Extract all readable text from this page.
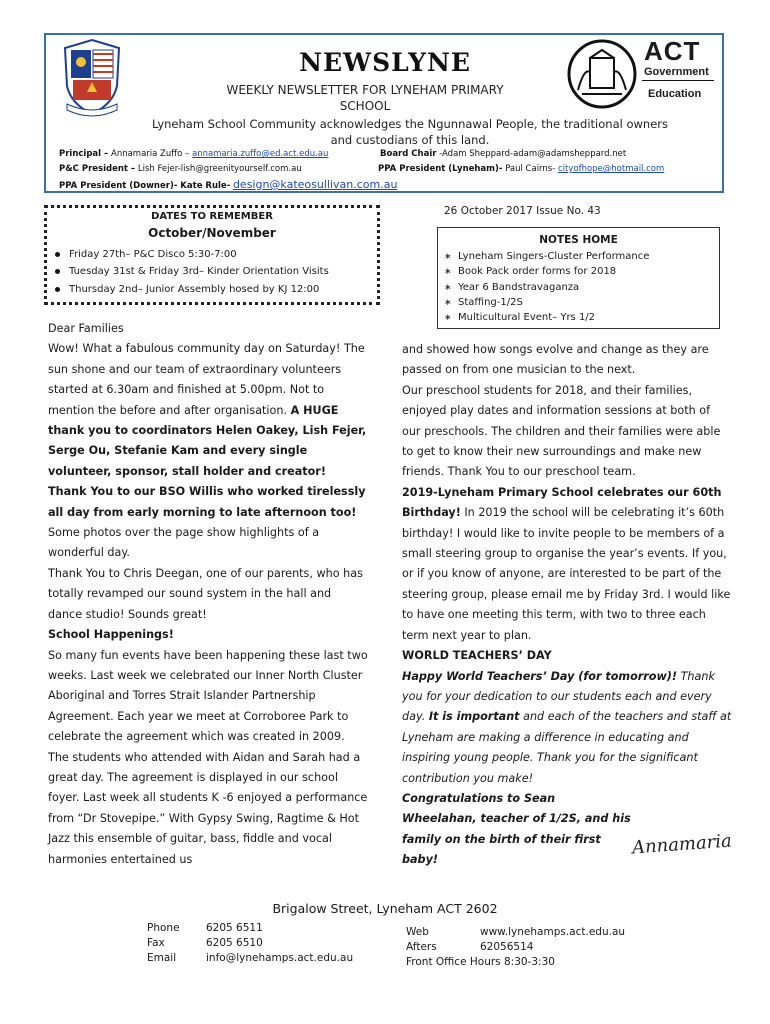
NEWSLYNE
WEEKLY NEWSLETTER FOR LYNEHAM PRIMARY SCHOOL
ACT
Government
Education
Lyneham School Community acknowledges the Ngunnawal People, the traditional owners and custodians of this land.
Principal – Annamaria Zuffo – annamaria.zuffo@ed.act.edu.au	Board Chair -Adam Sheppard-adam@adamsheppard.net
P&C President – Lish Fejer-lish@greenityourself.com.au	PPA President (Lyneham)- Paul Cairns- cityofhope@hotmail.com
PPA President (Downer)- Kate Rule- design@kateosullivan.com.au
DATES TO REMEMBER
October/November
Friday 27th– P&C Disco 5:30-7:00
Tuesday 31st & Friday 3rd– Kinder Orientation Visits
Thursday 2nd– Junior Assembly hosed by KJ 12:00
26 October 2017 Issue No. 43
NOTES HOME
∗ Lyneham Singers-Cluster Performance
∗ Book Pack order forms for 2018
∗ Year 6 Bandstravaganza
∗ Staffing-1/2S
∗ Multicultural Event– Yrs 1/2

Dear Families

Wow! What a fabulous community day on Saturday! The sun shone and our team of extraordinary volunteers started at 6.30am and finished at 5.00pm. Not to mention the before and after organisation. A HUGE thank you to coordinators Helen Oakey, Lish Fejer, Serge Ou, Stefanie Kam and every single volunteer, sponsor, stall holder and creator! Thank You to our BSO Willis who worked tirelessly all day from early morning to late afternoon too! Some photos over the page show highlights of a wonderful day.

Thank You to Chris Deegan, one of our parents, who has totally revamped our sound system in the hall and dance studio! Sounds great!

School Happenings!

So many fun events have been happening these last two weeks. Last week we celebrated our Inner North Cluster Aboriginal and Torres Strait Islander Partnership Agreement. Each year we meet at Corroboree Park to celebrate the agreement which was created in 2009. The students who attended with Aidan and Sarah had a great day. The agreement is displayed in our school foyer. Last week all students K -6 enjoyed a performance from “Dr Stovepipe.” With Gypsy Swing, Ragtime & Hot Jazz this ensemble of guitar, bass, fiddle and vocal harmonies entertained us

and showed how songs evolve and change as they are passed on from one musician to the next.

Our preschool students for 2018, and their families, enjoyed play dates and information sessions at both of our preschools. The children and their families were able to get to know their new surroundings and make new friends. Thank You to our preschool team.

2019-Lyneham Primary School celebrates our 60th Birthday! In 2019 the school will be celebrating it’s 60th birthday! I would like to invite people to be members of a small steering group to organise the year’s events. If you, or if you know of anyone, are interested to be part of the steering group, please email me by Friday 3rd. I would like to have one meeting this term, with two to three each term next year to plan.

WORLD TEACHERS’ DAY

Happy World Teachers’ Day (for tomorrow)! Thank you for your dedication to our students each and every day. It is important and each of the teachers and staff at Lyneham are making a difference in educating and inspiring young people. Thank you for the significant contribution you make!

Congratulations to Sean Wheelahan, teacher of 1/2S, and his family on the birth of their first baby!

Annamaria
Brigalow Street, Lyneham ACT 2602
Phone	6205 6511
Fax	6205 6510
Email	info@lynehamps.act.edu.au
Web	www.lynehamps.act.edu.au
Afters	62056514
Front Office Hours 8:30-3:30
